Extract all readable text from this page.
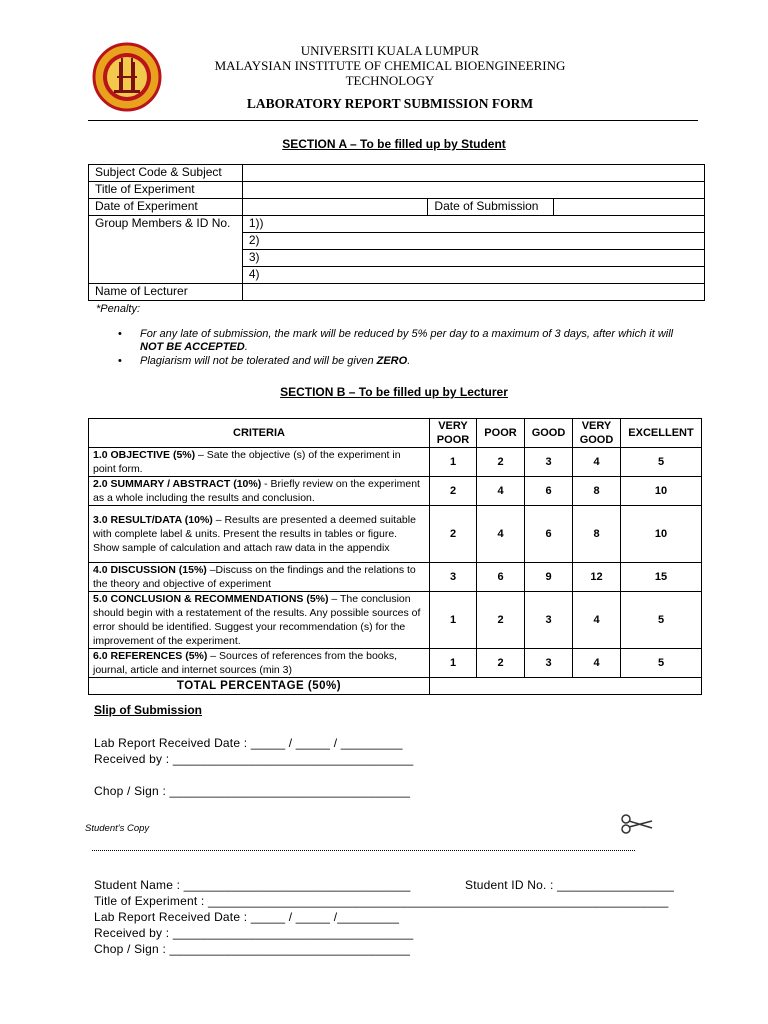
UNIVERSITI KUALA LUMPUR
MALAYSIAN INSTITUTE OF CHEMICAL BIOENGINEERING
TECHNOLOGY
LABORATORY REPORT SUBMISSION FORM
SECTION A – To be filled up by Student
Subject Code & Subject			
Title of Experiment			
Date of Experiment		Date of Submission	
Group Members & ID No.	1))		
	2)		
	3)		
	4)		
Name of Lecturer			
*Penalty:
• For any late of submission, the mark will be reduced by 5% per day to a maximum of 3 days, after which it will NOT BE ACCEPTED.
• Plagiarism will not be tolerated and will be given ZERO.
SECTION B – To be filled up by Lecturer
CRITERIA	VERY POOR	POOR	GOOD	VERY GOOD	EXCELLENT
1.0 OBJECTIVE (5%) – Sate the objective (s) of the experiment in point form.	1	2	3	4	5
2.0 SUMMARY / ABSTRACT (10%) - Briefly review on the experiment as a whole including the results and conclusion.	2	4	6	8	10
3.0 RESULT/DATA (10%) – Results are presented a deemed suitable with complete label & units. Present the results in tables or figure. Show sample of calculation and attach raw data in the appendix	2	4	6	8	10
4.0 DISCUSSION (15%) –Discuss on the findings and the relations to the theory and objective of experiment	3	6	9	12	15
5.0 CONCLUSION & RECOMMENDATIONS (5%) – The conclusion should begin with a restatement of the results. Any possible sources of error should be identified. Suggest your recommendation (s) for the improvement of the experiment.	1	2	3	4	5
6.0 REFERENCES (5%) – Sources of references from the books, journal, article and internet sources (min 3)	1	2	3	4	5
TOTAL PERCENTAGE (50%)					
Slip of Submission
Lab Report Received Date : _____ / _____ / _________
Received by : ___________________________________
Chop / Sign : ___________________________________
Student's Copy
Student Name : _________________________________	Student ID No. : _________________
Title of Experiment : ___________________________________________________________________
Lab Report Received Date : _____ / _____ /_________
Received by : ___________________________________
Chop / Sign : ___________________________________
